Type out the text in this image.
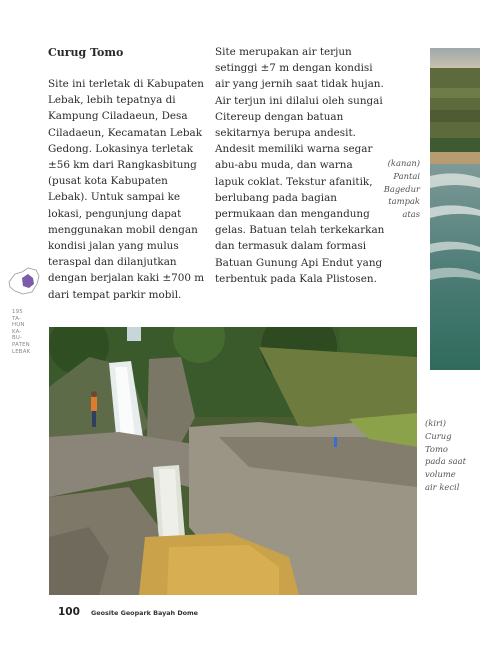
Curug Tomo

Site ini terletak di Kabupaten Lebak, lebih tepatnya di Kampung Ciladaeun, Desa Ciladaeun, Kecamatan Lebak Gedong. Lokasinya terletak ±56 km dari Rangkasbitung (pusat kota Kabupaten Lebak). Untuk sampai ke lokasi, pengunjung dapat menggunakan mobil dengan kondisi jalan yang mulus teraspal dan dilanjutkan dengan berjalan kaki ±700 m dari tempat parkir mobil.

Site merupakan air terjun setinggi ±7 m dengan kondisi air yang jernih saat tidak hujan. Air terjun ini dilalui oleh sungai Citereup dengan batuan sekitarnya berupa andesit. Andesit memiliki warna segar abu-abu muda, dan warna lapuk coklat. Tekstur afanitik, berlubang pada bagian permukaan dan mengandung gelas. Batuan telah terkekarkan dan termasuk dalam formasi Batuan Gunung Api Endut yang terbentuk pada Kala Plistosen.

(kanan)
Pantai
Bagedur
tampak
atas
195
TA-
HUN
KA-
BU-
PATEN
LEBAK
(kiri)
Curug
Tomo
pada saat
volume
air kecil
100 Geosite Geopark Bayah Dome
